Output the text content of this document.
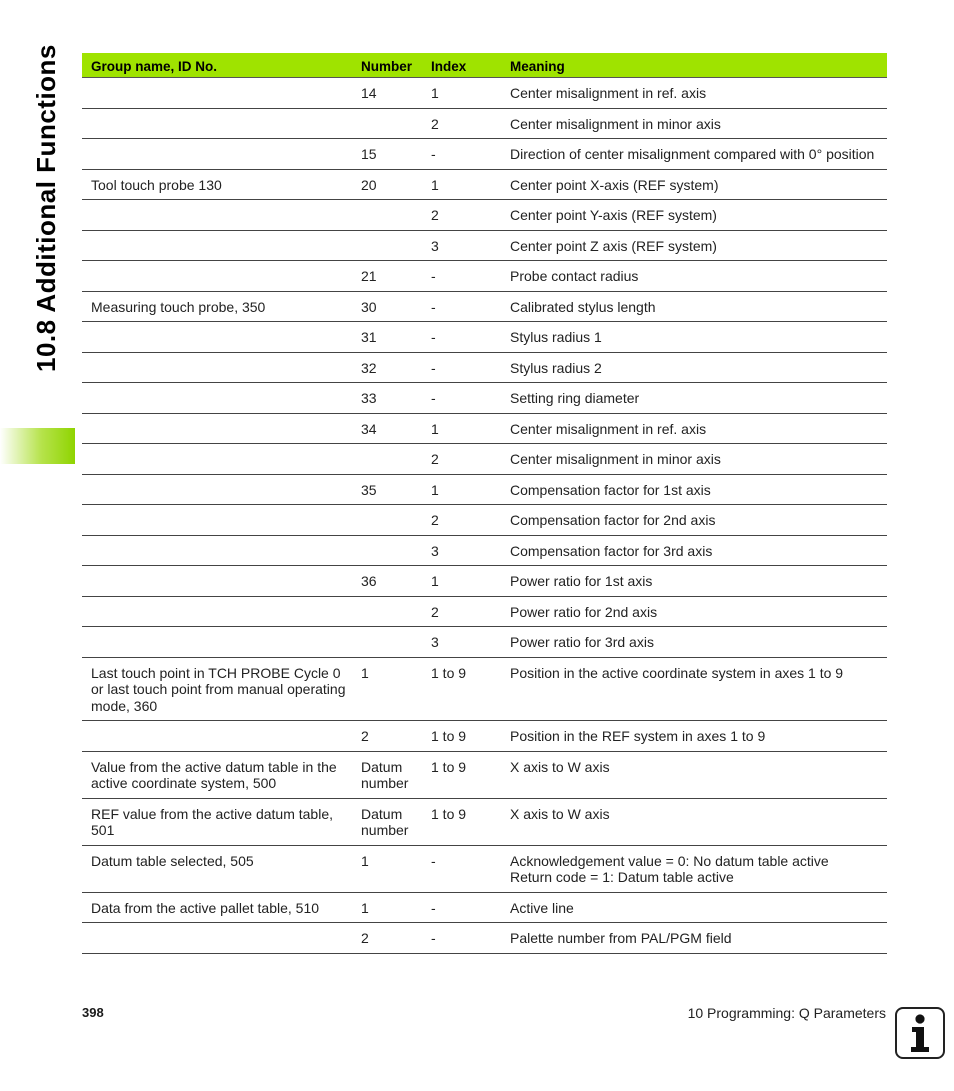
10.8 Additional Functions Group name, ID No.	Number	Index	Meaning
	14	1	Center misalignment in ref. axis
		2	Center misalignment in minor axis
	15	-	Direction of center misalignment compared with 0° position
Tool touch probe 130	20	1	Center point X-axis (REF system)
		2	Center point Y-axis (REF system)
		3	Center point Z axis (REF system)
	21	-	Probe contact radius
Measuring touch probe, 350	30	-	Calibrated stylus length
	31	-	Stylus radius 1
	32	-	Stylus radius 2
	33	-	Setting ring diameter
	34	1	Center misalignment in ref. axis
		2	Center misalignment in minor axis
	35	1	Compensation factor for 1st axis
		2	Compensation factor for 2nd axis
		3	Compensation factor for 3rd axis
	36	1	Power ratio for 1st axis
		2	Power ratio for 2nd axis
		3	Power ratio for 3rd axis
Last touch point in TCH PROBE Cycle 0 or last touch point from manual operating mode, 360	1	1 to 9	Position in the active coordinate system in axes 1 to 9
	2	1 to 9	Position in the REF system in axes 1 to 9
Value from the active datum table in the active coordinate system, 500	Datum number	1 to 9	X axis to W axis
REF value from the active datum table, 501	Datum number	1 to 9	X axis to W axis
Datum table selected, 505	1	-	Acknowledgement value = 0: No datum table active
Return code = 1: Datum table active
Data from the active pallet table, 510	1	-	Active line
	2	-	Palette number from PAL/PGM field
398	10 Programming: Q Parameters
